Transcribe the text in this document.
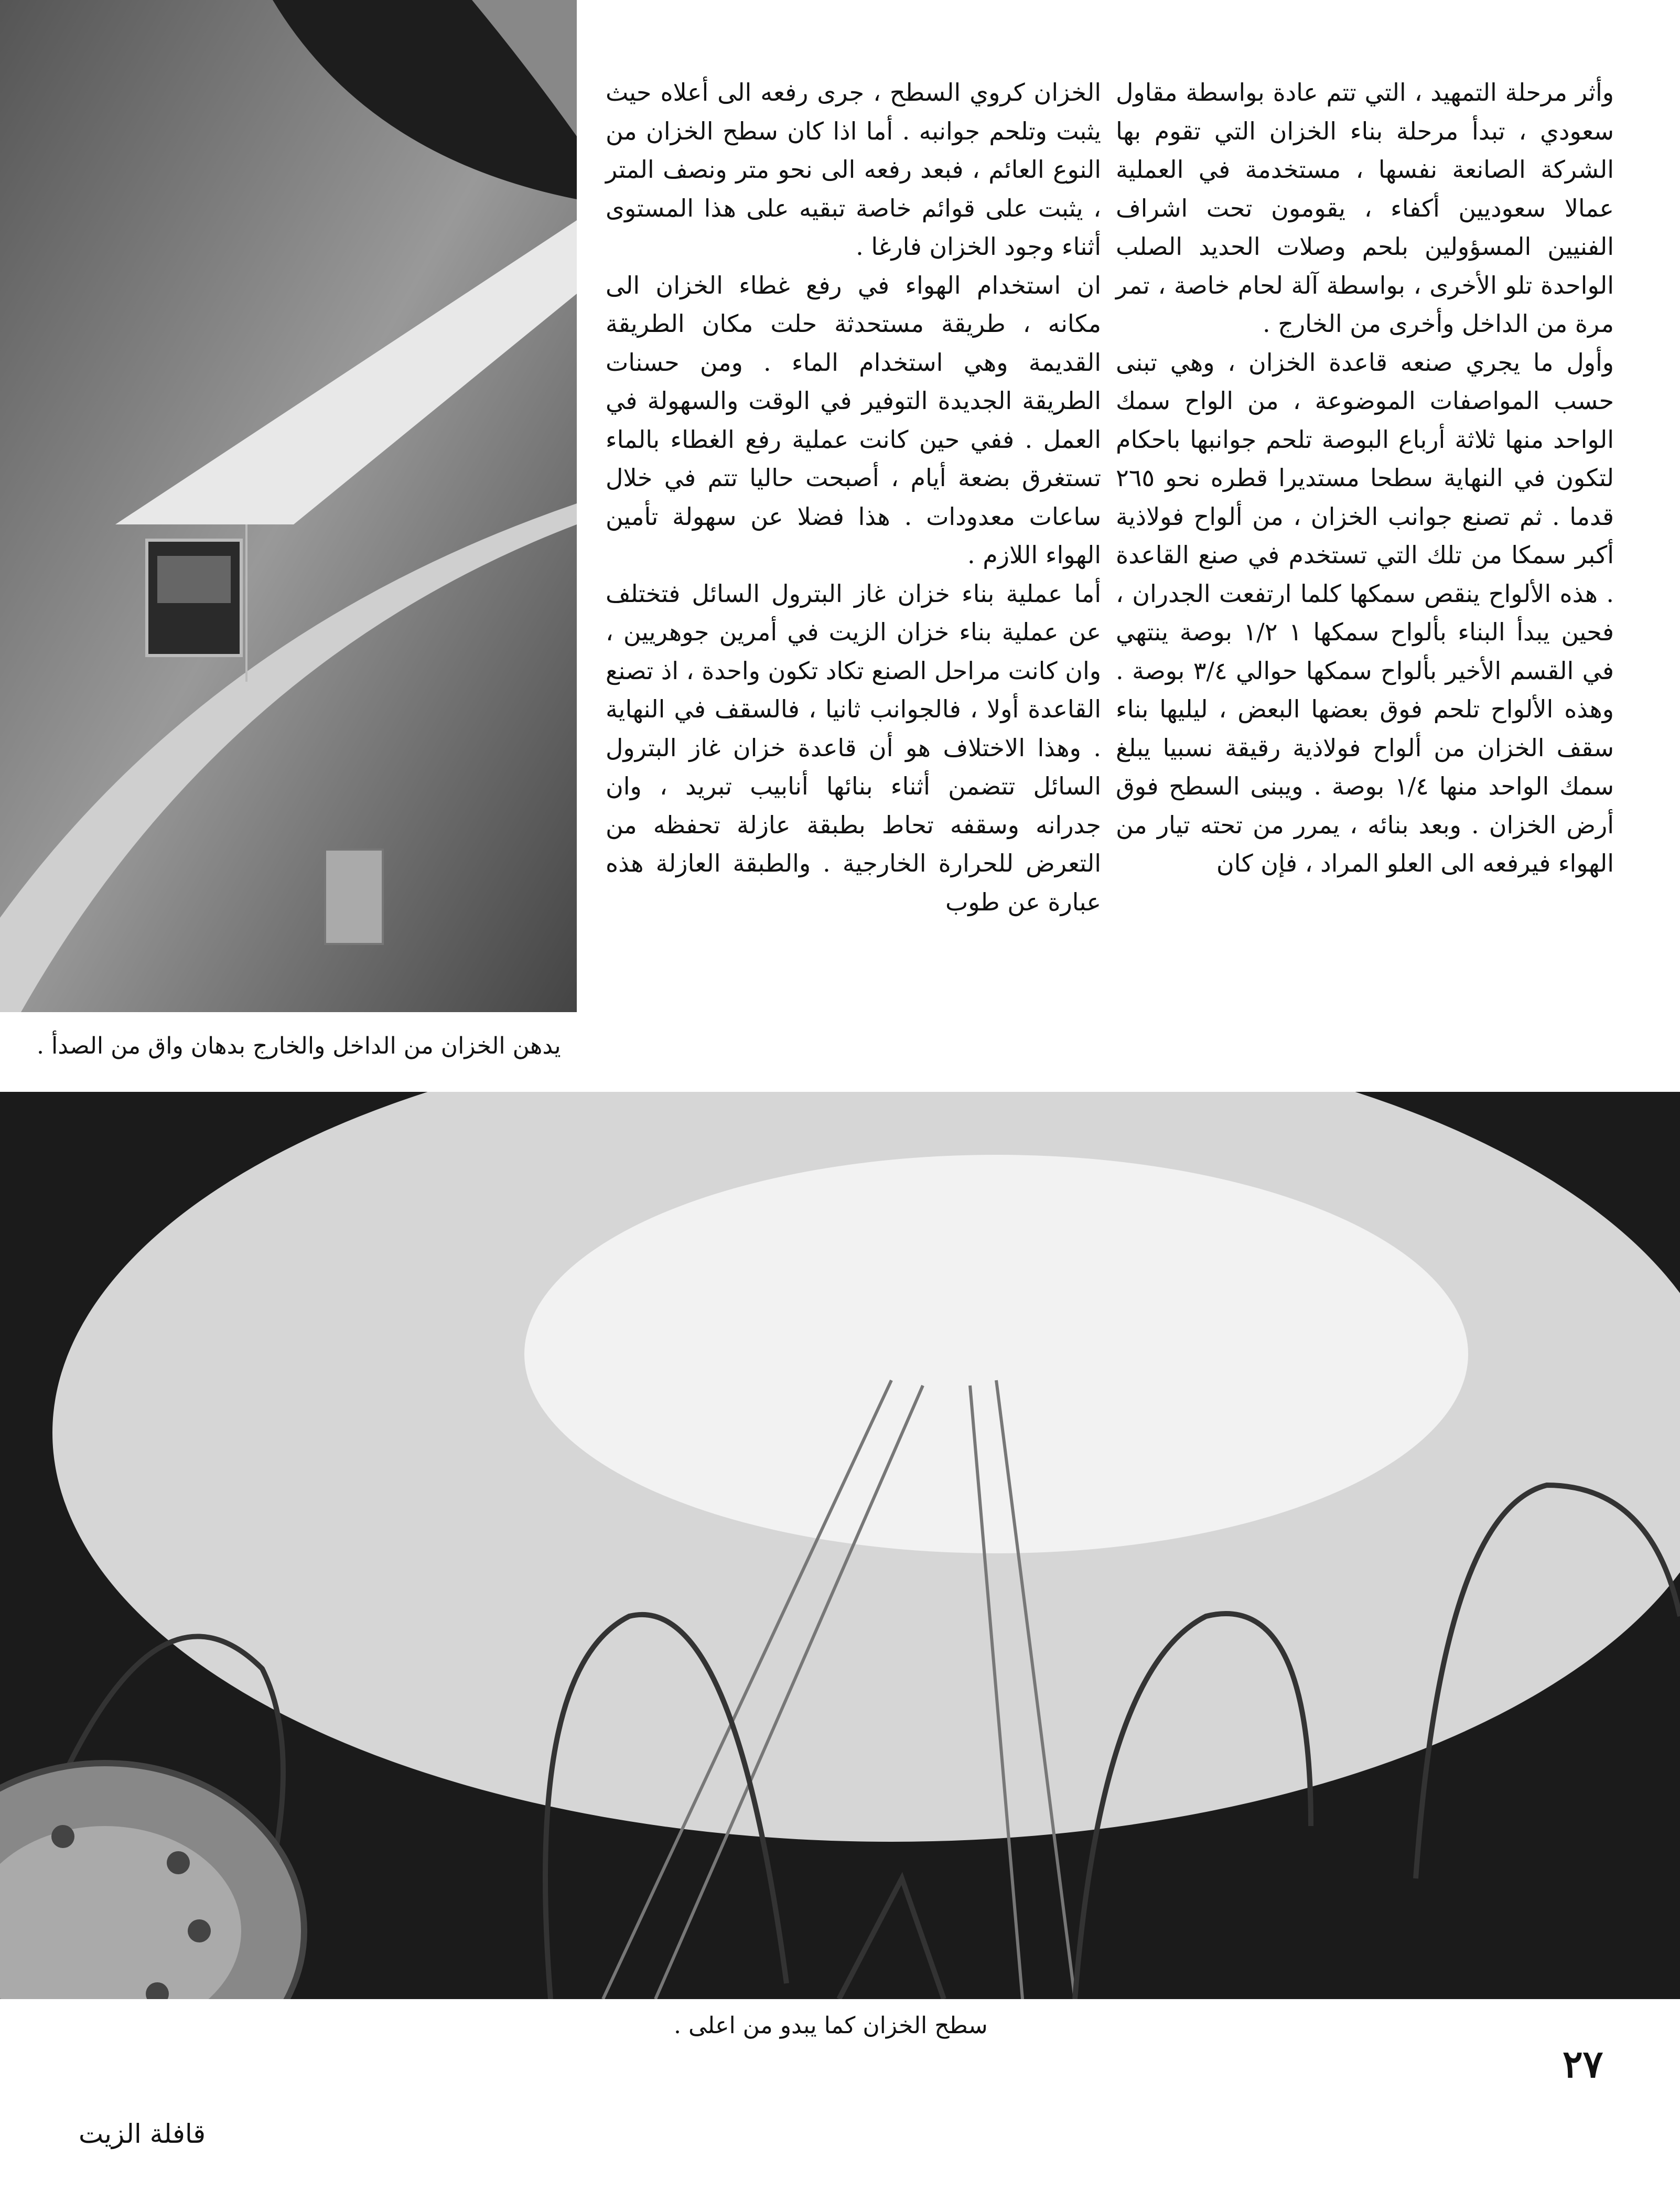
يدهن الخزان من الداخل والخارج بدهان واق من الصدأ .
وأثر مرحلة التمهيد ، التي تتم عادة بواسطة مقاول سعودي ، تبدأ مرحلة بناء الخزان التي تقوم بها الشركة الصانعة نفسها ، مستخدمة في العملية عمالا سعوديين أكفاء ، يقومون تحت اشراف الفنيين المسؤولين بلحم وصلات الحديد الصلب الواحدة تلو الأخرى ، بواسطة آلة لحام خاصة ، تمر مرة من الداخل وأخرى من الخارج .
وأول ما يجري صنعه قاعدة الخزان ، وهي تبنى حسب المواصفات الموضوعة ، من الواح سمك الواحد منها ثلاثة أرباع البوصة تلحم جوانبها باحكام لتكون في النهاية سطحا مستديرا قطره نحو ٢٦٥ قدما . ثم تصنع جوانب الخزان ، من ألواح فولاذية أكبر سمكا من تلك التي تستخدم في صنع القاعدة . هذه الألواح ينقص سمكها كلما ارتفعت الجدران ، فحين يبدأ البناء بألواح سمكها ١ ١/٢ بوصة ينتهي في القسم الأخير بألواح سمكها حوالي ٣/٤ بوصة . وهذه الألواح تلحم فوق بعضها البعض ، ليليها بناء سقف الخزان من ألواح فولاذية رقيقة نسبيا يبلغ سمك الواحد منها ١/٤ بوصة . ويبنى السطح فوق أرض الخزان . وبعد بنائه ، يمرر من تحته تيار من الهواء فيرفعه الى العلو المراد ، فإن كان
الخزان كروي السطح ، جرى رفعه الى أعلاه حيث يثبت وتلحم جوانبه . أما اذا كان سطح الخزان من النوع العائم ، فبعد رفعه الى نحو متر ونصف المتر ، يثبت على قوائم خاصة تبقيه على هذا المستوى أثناء وجود الخزان فارغا .
ان استخدام الهواء في رفع غطاء الخزان الى مكانه ، طريقة مستحدثة حلت مكان الطريقة القديمة وهي استخدام الماء . ومن حسنات الطريقة الجديدة التوفير في الوقت والسهولة في العمل . ففي حين كانت عملية رفع الغطاء بالماء تستغرق بضعة أيام ، أصبحت حاليا تتم في خلال ساعات معدودات . هذا فضلا عن سهولة تأمين الهواء اللازم .
أما عملية بناء خزان غاز البترول السائل فتختلف عن عملية بناء خزان الزيت في أمرين جوهريين ، وان كانت مراحل الصنع تكاد تكون واحدة ، اذ تصنع القاعدة أولا ، فالجوانب ثانيا ، فالسقف في النهاية . وهذا الاختلاف هو أن قاعدة خزان غاز البترول السائل تتضمن أثناء بنائها أنابيب تبريد ، وان جدرانه وسقفه تحاط بطبقة عازلة تحفظه من التعرض للحرارة الخارجية . والطبقة العازلة هذه عبارة عن طوب
سطح الخزان كما يبدو من اعلى .
٢٧
قافلة الزيت
